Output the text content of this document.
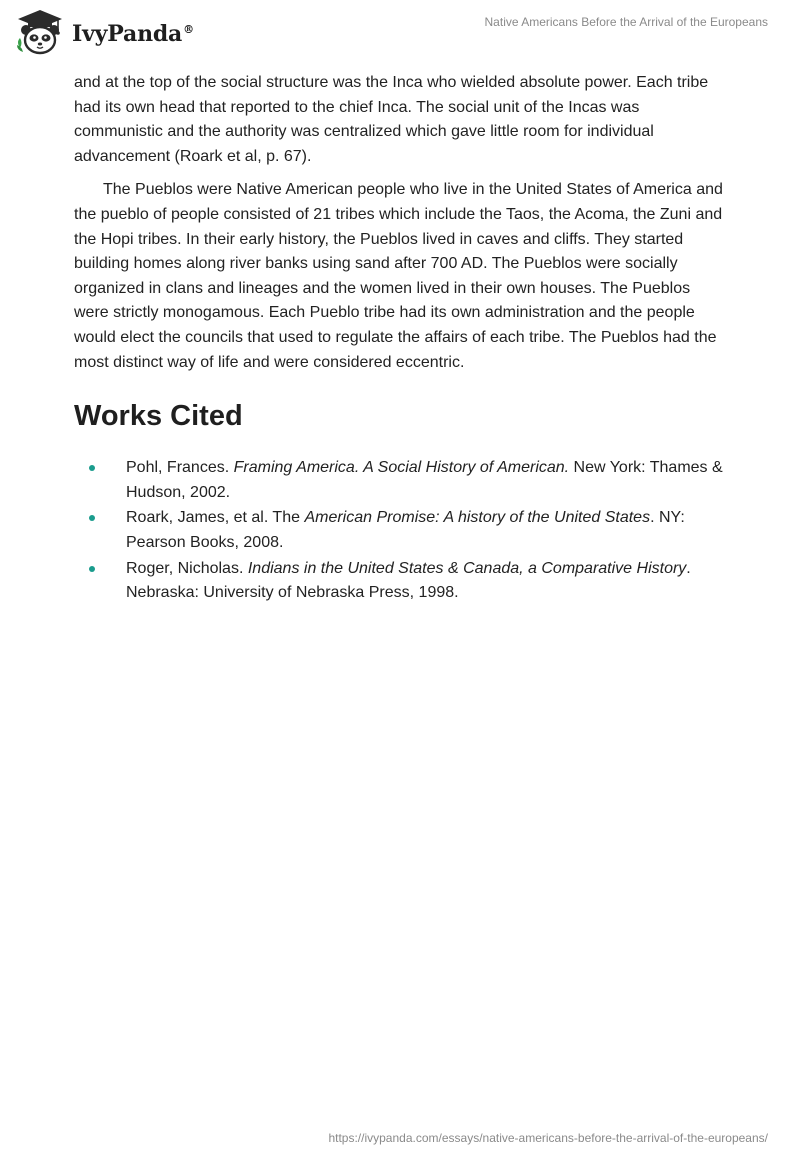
IvyPanda®
Native Americans Before the Arrival of the Europeans

and at the top of the social structure was the Inca who wielded absolute power. Each tribe had its own head that reported to the chief Inca. The social unit of the Incas was communistic and the authority was centralized which gave little room for individual advancement (Roark et al, p. 67).

The Pueblos were Native American people who live in the United States of America and the pueblo of people consisted of 21 tribes which include the Taos, the Acoma, the Zuni and the Hopi tribes. In their early history, the Pueblos lived in caves and cliffs. They started building homes along river banks using sand after 700 AD. The Pueblos were socially organized in clans and lineages and the women lived in their own houses. The Pueblos were strictly monogamous. Each Pueblo tribe had its own administration and the people would elect the councils that used to regulate the affairs of each tribe. The Pueblos had the most distinct way of life and were considered eccentric.

Works Cited
Pohl, Frances. Framing America. A Social History of American. New York: Thames & Hudson, 2002.
Roark, James, et al. The American Promise: A history of the United States. NY: Pearson Books, 2008.
Roger, Nicholas. Indians in the United States & Canada, a Comparative History. Nebraska: University of Nebraska Press, 1998.
https://ivypanda.com/essays/native-americans-before-the-arrival-of-the-europeans/
